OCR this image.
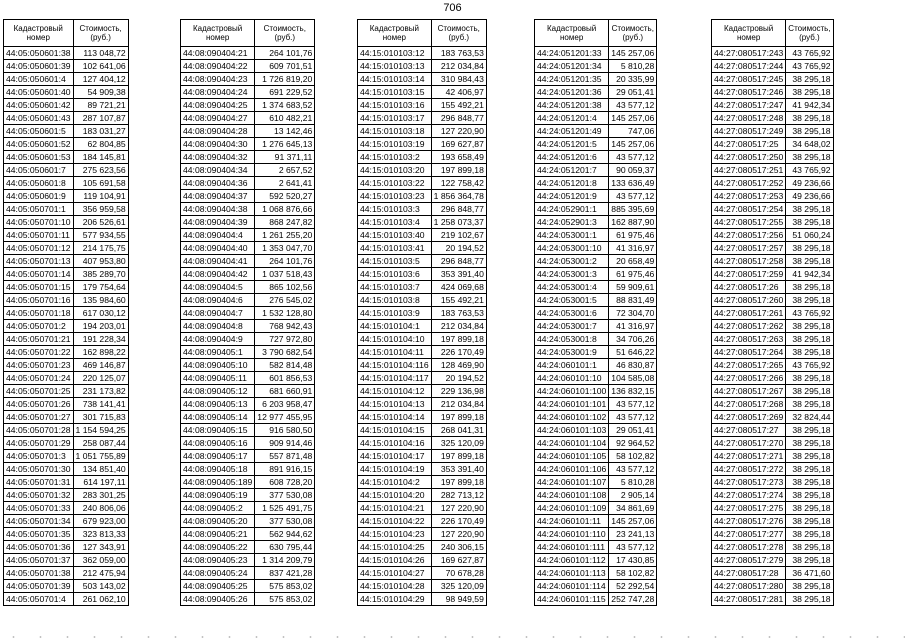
706
Кадастровый номер	Стоимость, (руб.)
44:05:050601:38	113 048,72
44:05:050601:39	102 641,06
44:05:050601:4	127 404,12
44:05:050601:40	54 909,38
44:05:050601:42	89 721,21
44:05:050601:43	287 107,87
44:05:050601:5	183 031,27
44:05:050601:52	62 804,85
44:05:050601:53	184 145,81
44:05:050601:7	275 623,56
44:05:050601:8	105 691,58
44:05:050601:9	119 104,91
44:05:050701:1	356 959,58
44:05:050701:10	206 526,61
44:05:050701:11	577 934,55
44:05:050701:12	214 175,75
44:05:050701:13	407 953,80
44:05:050701:14	385 289,70
44:05:050701:15	179 754,64
44:05:050701:16	135 984,60
44:05:050701:18	617 030,12
44:05:050701:2	194 203,01
44:05:050701:21	191 228,34
44:05:050701:22	162 898,22
44:05:050701:23	469 146,87
44:05:050701:24	220 125,07
44:05:050701:25	231 173,82
44:05:050701:26	738 141,41
44:05:050701:27	301 715,83
44:05:050701:28	1 154 594,25
44:05:050701:29	258 087,44
44:05:050701:3	1 051 755,89
44:05:050701:30	134 851,40
44:05:050701:31	614 197,11
44:05:050701:32	283 301,25
44:05:050701:33	240 806,06
44:05:050701:34	679 923,00
44:05:050701:35	323 813,33
44:05:050701:36	127 343,91
44:05:050701:37	362 059,00
44:05:050701:38	212 475,94
44:05:050701:39	503 143,02
44:05:050701:4	261 062,10
Кадастровый номер	Стоимость, (руб.)
44:08:090404:21	264 101,76
44:08:090404:22	609 701,51
44:08:090404:23	1 726 819,20
44:08:090404:24	691 229,52
44:08:090404:25	1 374 683,52
44:08:090404:27	610 482,21
44:08:090404:28	13 142,46
44:08:090404:30	1 276 645,13
44:08:090404:32	91 371,11
44:08:090404:34	2 657,52
44:08:090404:36	2 641,41
44:08:090404:37	592 520,27
44:08:090404:38	1 068 876,66
44:08:090404:39	868 247,82
44:08:090404:4	1 261 255,20
44:08:090404:40	1 353 047,70
44:08:090404:41	264 101,76
44:08:090404:42	1 037 518,43
44:08:090404:5	865 102,56
44:08:090404:6	276 545,02
44:08:090404:7	1 532 128,80
44:08:090404:8	768 942,43
44:08:090404:9	727 972,80
44:08:090405:1	3 790 682,54
44:08:090405:10	582 814,48
44:08:090405:11	601 856,53
44:08:090405:12	681 660,91
44:08:090405:13	6 203 958,47
44:08:090405:14	12 977 455,95
44:08:090405:15	916 580,50
44:08:090405:16	909 914,46
44:08:090405:17	557 871,48
44:08:090405:18	891 916,15
44:08:090405:189	608 728,20
44:08:090405:19	377 530,08
44:08:090405:2	1 525 491,75
44:08:090405:20	377 530,08
44:08:090405:21	562 944,62
44:08:090405:22	630 795,44
44:08:090405:23	1 314 209,79
44:08:090405:24	837 421,28
44:08:090405:25	575 853,02
44:08:090405:26	575 853,02
Кадастровый номер	Стоимость, (руб.)
44:15:010103:12	183 763,53
44:15:010103:13	212 034,84
44:15:010103:14	310 984,43
44:15:010103:15	42 406,97
44:15:010103:16	155 492,21
44:15:010103:17	296 848,77
44:15:010103:18	127 220,90
44:15:010103:19	169 627,87
44:15:010103:2	193 658,49
44:15:010103:20	197 899,18
44:15:010103:22	122 758,42
44:15:010103:23	1 856 364,78
44:15:010103:3	296 848,77
44:15:010103:4	1 258 073,37
44:15:010103:40	219 102,67
44:15:010103:41	20 194,52
44:15:010103:5	296 848,77
44:15:010103:6	353 391,40
44:15:010103:7	424 069,68
44:15:010103:8	155 492,21
44:15:010103:9	183 763,53
44:15:010104:1	212 034,84
44:15:010104:10	197 899,18
44:15:010104:11	226 170,49
44:15:010104:116	128 469,90
44:15:010104:117	20 194,52
44:15:010104:12	229 136,98
44:15:010104:13	212 034,84
44:15:010104:14	197 899,18
44:15:010104:15	268 041,31
44:15:010104:16	325 120,09
44:15:010104:17	197 899,18
44:15:010104:19	353 391,40
44:15:010104:2	197 899,18
44:15:010104:20	282 713,12
44:15:010104:21	127 220,90
44:15:010104:22	226 170,49
44:15:010104:23	127 220,90
44:15:010104:25	240 306,15
44:15:010104:26	169 627,87
44:15:010104:27	70 678,28
44:15:010104:28	325 120,09
44:15:010104:29	98 949,59
Кадастровый номер	Стоимость, (руб.)
44:24:051201:33	145 257,06
44:24:051201:34	5 810,28
44:24:051201:35	20 335,99
44:24:051201:36	29 051,41
44:24:051201:38	43 577,12
44:24:051201:4	145 257,06
44:24:051201:49	747,06
44:24:051201:5	145 257,06
44:24:051201:6	43 577,12
44:24:051201:7	90 059,37
44:24:051201:8	133 636,49
44:24:051201:9	43 577,12
44:24:052901:1	885 395,69
44:24:052901:3	162 887,90
44:24:053001:1	61 975,46
44:24:053001:10	41 316,97
44:24:053001:2	20 658,49
44:24:053001:3	61 975,46
44:24:053001:4	59 909,61
44:24:053001:5	88 831,49
44:24:053001:6	72 304,70
44:24:053001:7	41 316,97
44:24:053001:8	34 706,26
44:24:053001:9	51 646,22
44:24:060101:1	46 830,87
44:24:060101:10	104 585,08
44:24:060101:100	136 832,15
44:24:060101:101	43 577,12
44:24:060101:102	43 577,12
44:24:060101:103	29 051,41
44:24:060101:104	92 964,52
44:24:060101:105	58 102,82
44:24:060101:106	43 577,12
44:24:060101:107	5 810,28
44:24:060101:108	2 905,14
44:24:060101:109	34 861,69
44:24:060101:11	145 257,06
44:24:060101:110	23 241,13
44:24:060101:111	43 577,12
44:24:060101:112	17 430,85
44:24:060101:113	58 102,82
44:24:060101:114	52 292,54
44:24:060101:115	252 747,28
Кадастровый номер	Стоимость, (руб.)
44:27:080517:243	43 765,92
44:27:080517:244	43 765,92
44:27:080517:245	38 295,18
44:27:080517:246	38 295,18
44:27:080517:247	41 942,34
44:27:080517:248	38 295,18
44:27:080517:249	38 295,18
44:27:080517:25	34 648,02
44:27:080517:250	38 295,18
44:27:080517:251	43 765,92
44:27:080517:252	49 236,66
44:27:080517:253	49 236,66
44:27:080517:254	38 295,18
44:27:080517:255	38 295,18
44:27:080517:256	51 060,24
44:27:080517:257	38 295,18
44:27:080517:258	38 295,18
44:27:080517:259	41 942,34
44:27:080517:26	38 295,18
44:27:080517:260	38 295,18
44:27:080517:261	43 765,92
44:27:080517:262	38 295,18
44:27:080517:263	38 295,18
44:27:080517:264	38 295,18
44:27:080517:265	43 765,92
44:27:080517:266	38 295,18
44:27:080517:267	38 295,18
44:27:080517:268	38 295,18
44:27:080517:269	32 824,44
44:27:080517:27	38 295,18
44:27:080517:270	38 295,18
44:27:080517:271	38 295,18
44:27:080517:272	38 295,18
44:27:080517:273	38 295,18
44:27:080517:274	38 295,18
44:27:080517:275	38 295,18
44:27:080517:276	38 295,18
44:27:080517:277	38 295,18
44:27:080517:278	38 295,18
44:27:080517:279	38 295,18
44:27:080517:28	36 471,60
44:27:080517:280	38 295,18
44:27:080517:281	38 295,18
